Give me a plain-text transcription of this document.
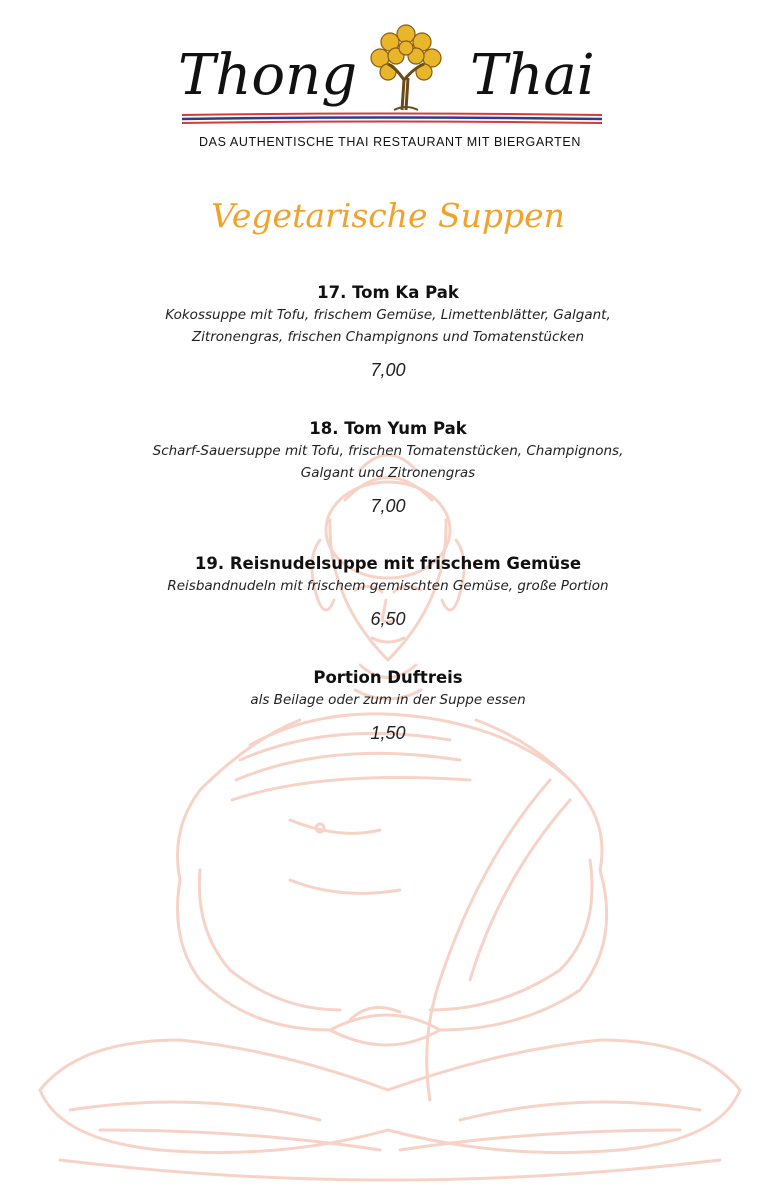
Thong Thai
DAS AUTHENTISCHE THAI RESTAURANT MIT BIERGARTEN
Vegetarische Suppen
17. Tom Ka Pak
Kokossuppe mit Tofu, frischem Gemüse, Limettenblätter, Galgant,
Zitronengras, frischen Champignons und Tomatenstücken
7,00
18. Tom Yum Pak
Scharf-Sauersuppe mit Tofu, frischen Tomatenstücken, Champignons,
Galgant und Zitronengras
7,00
19. Reisnudelsuppe mit frischem Gemüse
Reisbandnudeln mit frischem gemischten Gemüse, große Portion
6,50
Portion Duftreis
als Beilage oder zum in der Suppe essen
1,50
